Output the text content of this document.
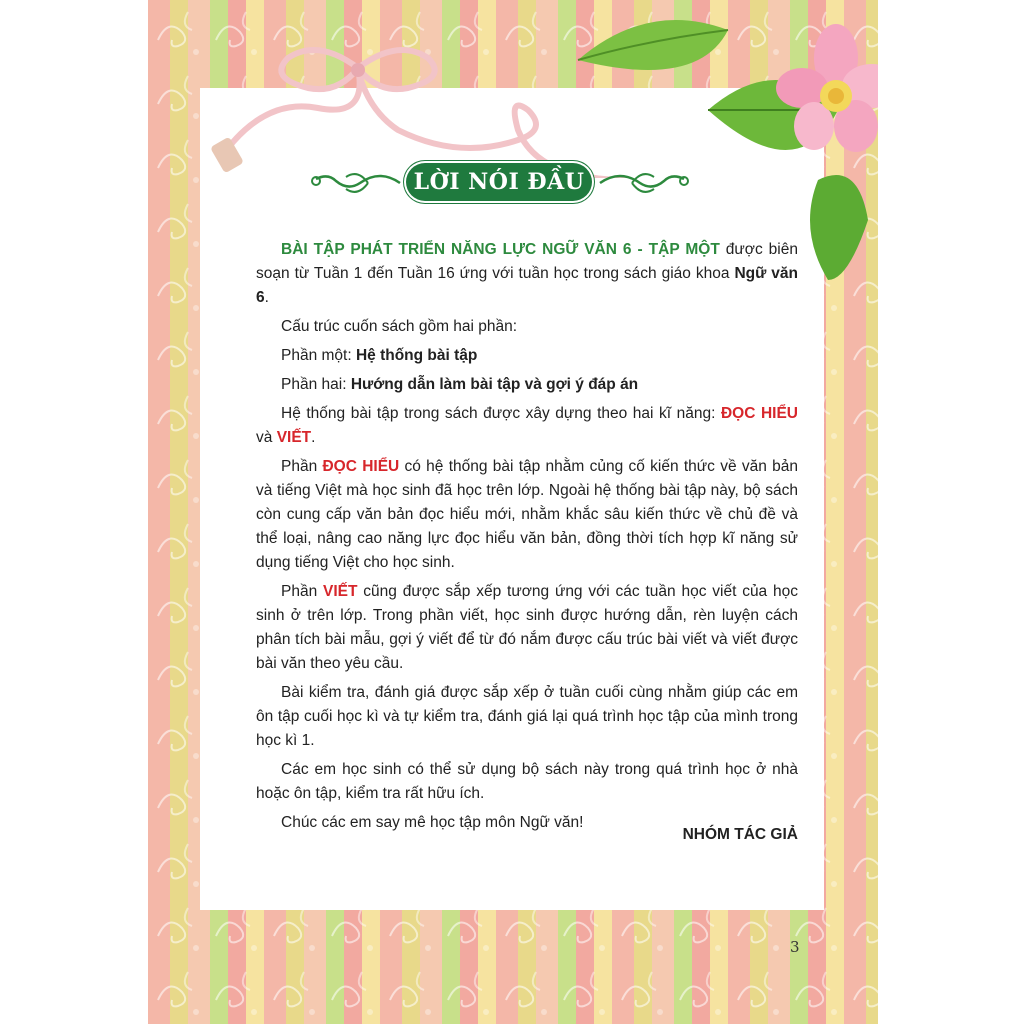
LỜI NÓI ĐẦU

BÀI TẬP PHÁT TRIỂN NĂNG LỰC NGỮ VĂN 6 - TẬP MỘT được biên soạn từ Tuần 1 đến Tuần 16 ứng với tuần học trong sách giáo khoa Ngữ văn 6.

Cấu trúc cuốn sách gồm hai phần:

Phần một: Hệ thống bài tập

Phần hai: Hướng dẫn làm bài tập và gợi ý đáp án

Hệ thống bài tập trong sách được xây dựng theo hai kĩ năng: ĐỌC HIỂU và VIẾT.

Phần ĐỌC HIỂU có hệ thống bài tập nhằm củng cố kiến thức về văn bản và tiếng Việt mà học sinh đã học trên lớp. Ngoài hệ thống bài tập này, bộ sách còn cung cấp văn bản đọc hiểu mới, nhằm khắc sâu kiến thức về chủ đề và thể loại, nâng cao năng lực đọc hiểu văn bản, đồng thời tích hợp kĩ năng sử dụng tiếng Việt cho học sinh.

Phần VIẾT cũng được sắp xếp tương ứng với các tuần học viết của học sinh ở trên lớp. Trong phần viết, học sinh được hướng dẫn, rèn luyện cách phân tích bài mẫu, gợi ý viết để từ đó nắm được cấu trúc bài viết và viết được bài văn theo yêu cầu.

Bài kiểm tra, đánh giá được sắp xếp ở tuần cuối cùng nhằm giúp các em ôn tập cuối học kì và tự kiểm tra, đánh giá lại quá trình học tập của mình trong học kì 1.

Các em học sinh có thể sử dụng bộ sách này trong quá trình học ở nhà hoặc ôn tập, kiểm tra rất hữu ích.

Chúc các em say mê học tập môn Ngữ văn!

NHÓM TÁC GIẢ
3
